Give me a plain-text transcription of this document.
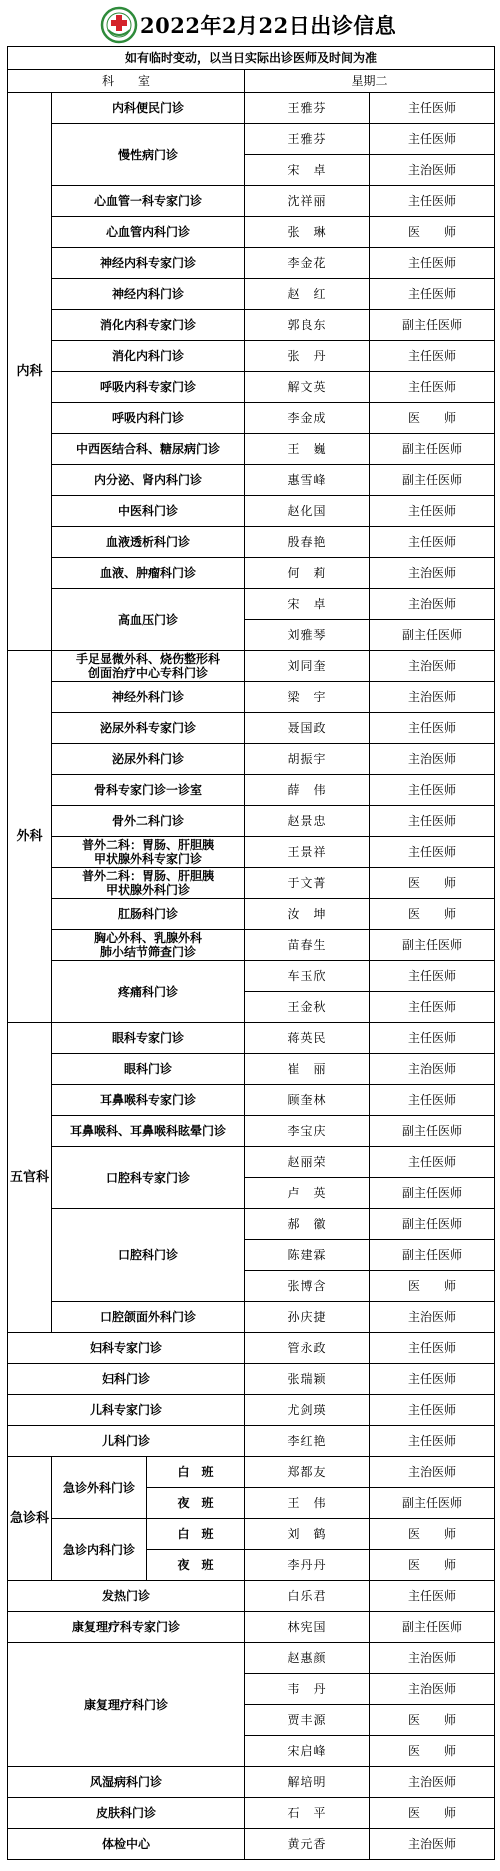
2022年2月22日出诊信息
如有临时变动，以当日实际出诊医师及时间为准				
科　　室			星期二	
内科	内科便民门诊		王雅芬	主任医师
	慢性病门诊		王雅芬	主任医师
			宋　卓	主治医师
	心血管一科专家门诊		沈祥丽	主任医师
	心血管内科门诊		张　琳	医　　师
	神经内科专家门诊		李金花	主任医师
	神经内科门诊		赵　红	主任医师
	消化内科专家门诊		郭良东	副主任医师
	消化内科门诊		张　丹	主任医师
	呼吸内科专家门诊		解文英	主任医师
	呼吸内科门诊		李金成	医　　师
	中西医结合科、糖尿病门诊		王　巍	副主任医师
	内分泌、肾内科门诊		惠雪峰	副主任医师
	中医科门诊		赵化国	主任医师
	血液透析科门诊		殷春艳	主任医师
	血液、肿瘤科门诊		何　莉	主治医师
	高血压门诊		宋　卓	主治医师
			刘雅琴	副主任医师
外科	手足显微外科、烧伤整形科
创面治疗中心专科门诊		刘同奎	主治医师
	神经外科门诊		梁　宇	主治医师
	泌尿外科专家门诊		聂国政	主任医师
	泌尿外科门诊		胡振宇	主治医师
	骨科专家门诊一诊室		薛　伟	主任医师
	骨外二科门诊		赵景忠	主任医师

	普外二科：胃肠、肝胆胰
甲状腺外科专家门诊		王景祥	主任医师

	普外二科：胃肠、肝胆胰
甲状腺外科门诊		于文菁	医　　师
	肛肠科门诊		汝　坤	医　　师

	胸心外科、乳腺外科
肺小结节筛查门诊		苗春生	副主任医师
	疼痛科门诊		车玉欣	主任医师
			王金秋	主任医师
五官科	眼科专家门诊		蒋英民	主任医师
	眼科门诊		崔　丽	主治医师
	耳鼻喉科专家门诊		顾奎林	主任医师
	耳鼻喉科、耳鼻喉科眩晕门诊		李宝庆	副主任医师
	口腔科专家门诊		赵丽荣	主任医师
			卢　英	副主任医师
	口腔科门诊		郝　徽	副主任医师
			陈建霖	副主任医师
			张博含	医　　师
	口腔颌面外科门诊		孙庆捷	主治医师
妇科专家门诊			管永政	主任医师
妇科门诊			张瑞颖	主任医师
儿科专家门诊			尤剑瑛	主任医师
儿科门诊			李红艳	主任医师
急诊科	急诊外科门诊	白　班	郑都友	主治医师
		夜　班	王　伟	副主任医师
	急诊内科门诊	白　班	刘　鹤	医　　师
		夜　班	李丹丹	医　　师
发热门诊			白乐君	主任医师
康复理疗科专家门诊			林宪国	副主任医师
康复理疗科门诊			赵惠颜	主治医师
			韦　丹	主治医师
			贾丰源	医　　师
			宋启峰	医　　师
风湿病科门诊			解培明	主治医师
皮肤科门诊			石　平	医　　师
体检中心			黄元香	主治医师
